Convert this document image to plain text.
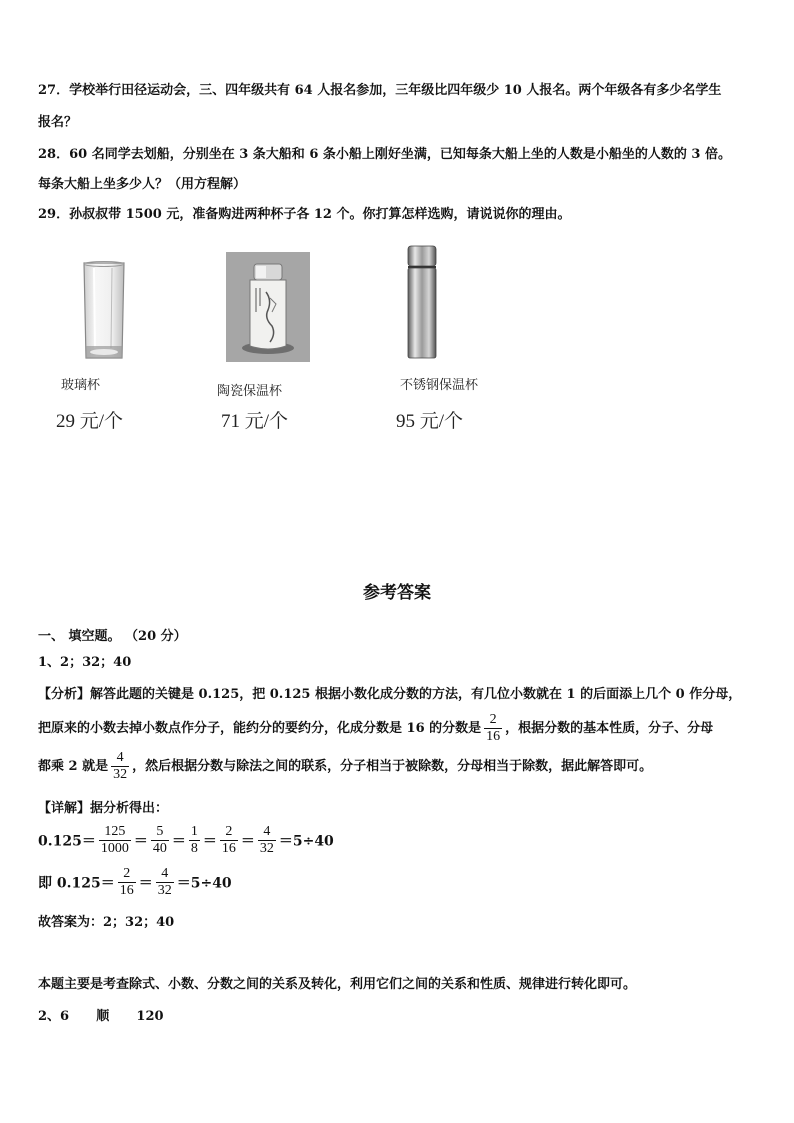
27．学校举行田径运动会，三、四年级共有 64 人报名参加，三年级比四年级少 10 人报名。两个年级各有多少名学生
报名？
28．60 名同学去划船，分别坐在 3 条大船和 6 条小船上刚好坐满，已知每条大船上坐的人数是小船坐的人数的 3 倍。
每条大船上坐多少人？（用方程解）
29．孙叔叔带 1500 元，准备购进两种杯子各 12 个。你打算怎样选购，请说说你的理由。
玻璃杯	陶瓷保温杯	不锈钢保温杯
29 元/个	71 元/个	95 元/个
参考答案
一、 填空题。 （20 分）
1、2；32；40
【分析】解答此题的关键是 0.125，把 0.125 根据小数化成分数的方法，有几位小数就在 1 的后面添上几个 0 作分母，
把原来的小数去掉小数点作分子，能约分的要约分，化成分数是 16 的分数是 $\frac{2}{16}$ ，根据分数的基本性质，分子、分母
都乘 2 就是 $\frac{4}{32}$ ，然后根据分数与除法之间的联系，分子相当于被除数，分母相当于除数，据此解答即可。
【详解】据分析得出：
$0.125= \frac{125}{1000} = \frac{5}{40} = \frac{1}{8} = \frac{2}{16} = \frac{4}{32} =5\div 40$
即 $0.125= \frac{2}{16} = \frac{4}{32} =5\div 40$
故答案为：2；32；40
本题主要是考查除式、小数、分数之间的关系及转化，利用它们之间的关系和性质、规律进行转化即可。
2、6      顺      120
